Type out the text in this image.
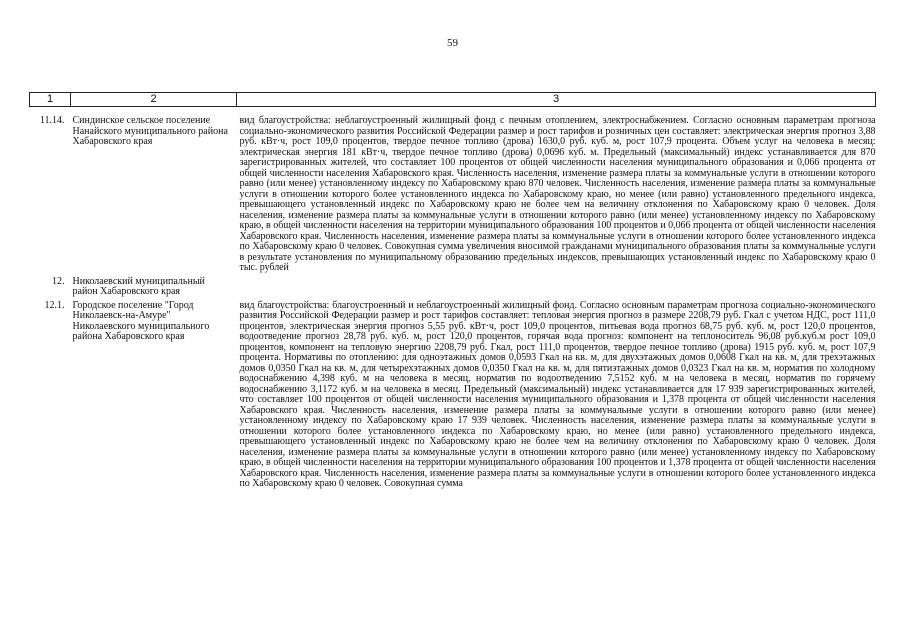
59
1	2	3

11.14.	Синдинское сельское поселение Нанайского муниципального района Хабаровского края	вид благоустройства: неблагоустроенный жилищный фонд с печным отоплением, электроснабжением. Согласно основным параметрам прогноза социально-экономического развития Российской Федерации размер и рост тарифов и розничных цен составляет: электрическая энергия прогноз 3,88 руб. кВт·ч, рост 109,0 процентов, твердое печное топливо (дрова) 1630,0 руб. куб. м, рост 107,9 процента. Объем услуг на человека в месяц: электрическая энергия 181 кВт·ч, твердое печное топливо (дрова) 0,0696 куб. м. Предельный (максимальный) индекс устанавливается для 870 зарегистрированных жителей, что составляет 100 процентов от общей численности населения муниципального образования и 0,066 процента от общей численности населения Хабаровского края. Численность населения, изменение размера платы за коммунальные услуги в отношении которого равно (или менее) установленному индексу по Хабаровскому краю 870 человек. Численность населения, изменение размера платы за коммунальные услуги в отношении которого более установленного индекса по Хабаровскому краю, но менее (или равно) установленного предельного индекса, превышающего установленный индекс по Хабаровскому краю не более чем на величину отклонения по Хабаровскому краю 0 человек. Доля населения, изменение размера платы за коммунальные услуги в отношении которого равно (или менее) установленному индексу по Хабаровскому краю, в общей численности населения на территории муниципального образования 100 процентов и 0,066 процента от общей численности населения Хабаровского края. Численность населения, изменение размера платы за коммунальные услуги в отношении которого более установленного индекса по Хабаровскому краю 0 человек. Совокупная сумма увеличения вносимой гражданами муниципального образования платы за коммунальные услуги в результате установления по муниципальному образованию предельных индексов, превышающих установленный индекс по Хабаровскому краю 0 тыс. рублей

12.	Николаевский муниципальный район Хабаровского края	

12.1.	Городское поселение "Город Николаевск-на-Амуре" Николаевского муниципального района Хабаровского края	вид благоустройства: благоустроенный и неблагоустроенный жилищный фонд. Согласно основным параметрам прогноза социально-экономического развития Российской Федерации размер и рост тарифов составляет: тепловая энергия прогноз в размере 2208,79 руб. Гкал с учетом НДС, рост 111,0 процентов, электрическая энергия прогноз 5,55 руб. кВт·ч, рост 109,0 процентов, питьевая вода прогноз 68,75 руб. куб. м, рост 120,0 процентов, водоотведение прогноз 28,78 руб. куб. м, рост 120,0 процентов, горячая вода прогноз: компонент на теплоноситель 96,08 руб.куб.м рост 109,0 процентов, компонент на тепловую энергию 2208,79 руб. Гкал, рост 111,0 процентов, твердое печное топливо (дрова) 1915 руб. куб. м, рост 107,9 процента. Нормативы по отоплению: для одноэтажных домов 0,0593 Гкал на кв. м, для двухэтажных домов 0,0608 Гкал на кв. м, для трехэтажных домов 0,0350 Гкал на кв. м, для четырехэтажных домов 0,0350 Гкал на кв. м, для пятиэтажных домов 0,0323 Гкал на кв. м, норматив по холодному водоснабжению 4,398 куб. м на человека в месяц, норматив по водоотведению 7,5152 куб. м на человека в месяц, норматив по горячему водоснабжению 3,1172 куб. м на человека в месяц. Предельный (максимальный) индекс устанавливается для 17 939 зарегистрированных жителей, что составляет 100 процентов от общей численности населения муниципального образования и 1,378 процента от общей численности населения Хабаровского края. Численность населения, изменение размера платы за коммунальные услуги в отношении которого равно (или менее) установленному индексу по Хабаровскому краю 17 939 человек. Численность населения, изменение размера платы за коммунальные услуги в отношении которого более установленного индекса по Хабаровскому краю, но менее (или равно) установленного предельного индекса, превышающего установленный индекс по Хабаровскому краю не более чем на величину отклонения по Хабаровскому краю 0 человек. Доля населения, изменение размера платы за коммунальные услуги в отношении которого равно (или менее) установленному индексу по Хабаровскому краю, в общей численности населения на территории муниципального образования 100 процентов и 1,378 процента от общей численности населения Хабаровского края. Численность населения, изменение размера платы за коммунальные услуги в отношении которого более установленного индекса по Хабаровскому краю 0 человек. Совокупная сумма
